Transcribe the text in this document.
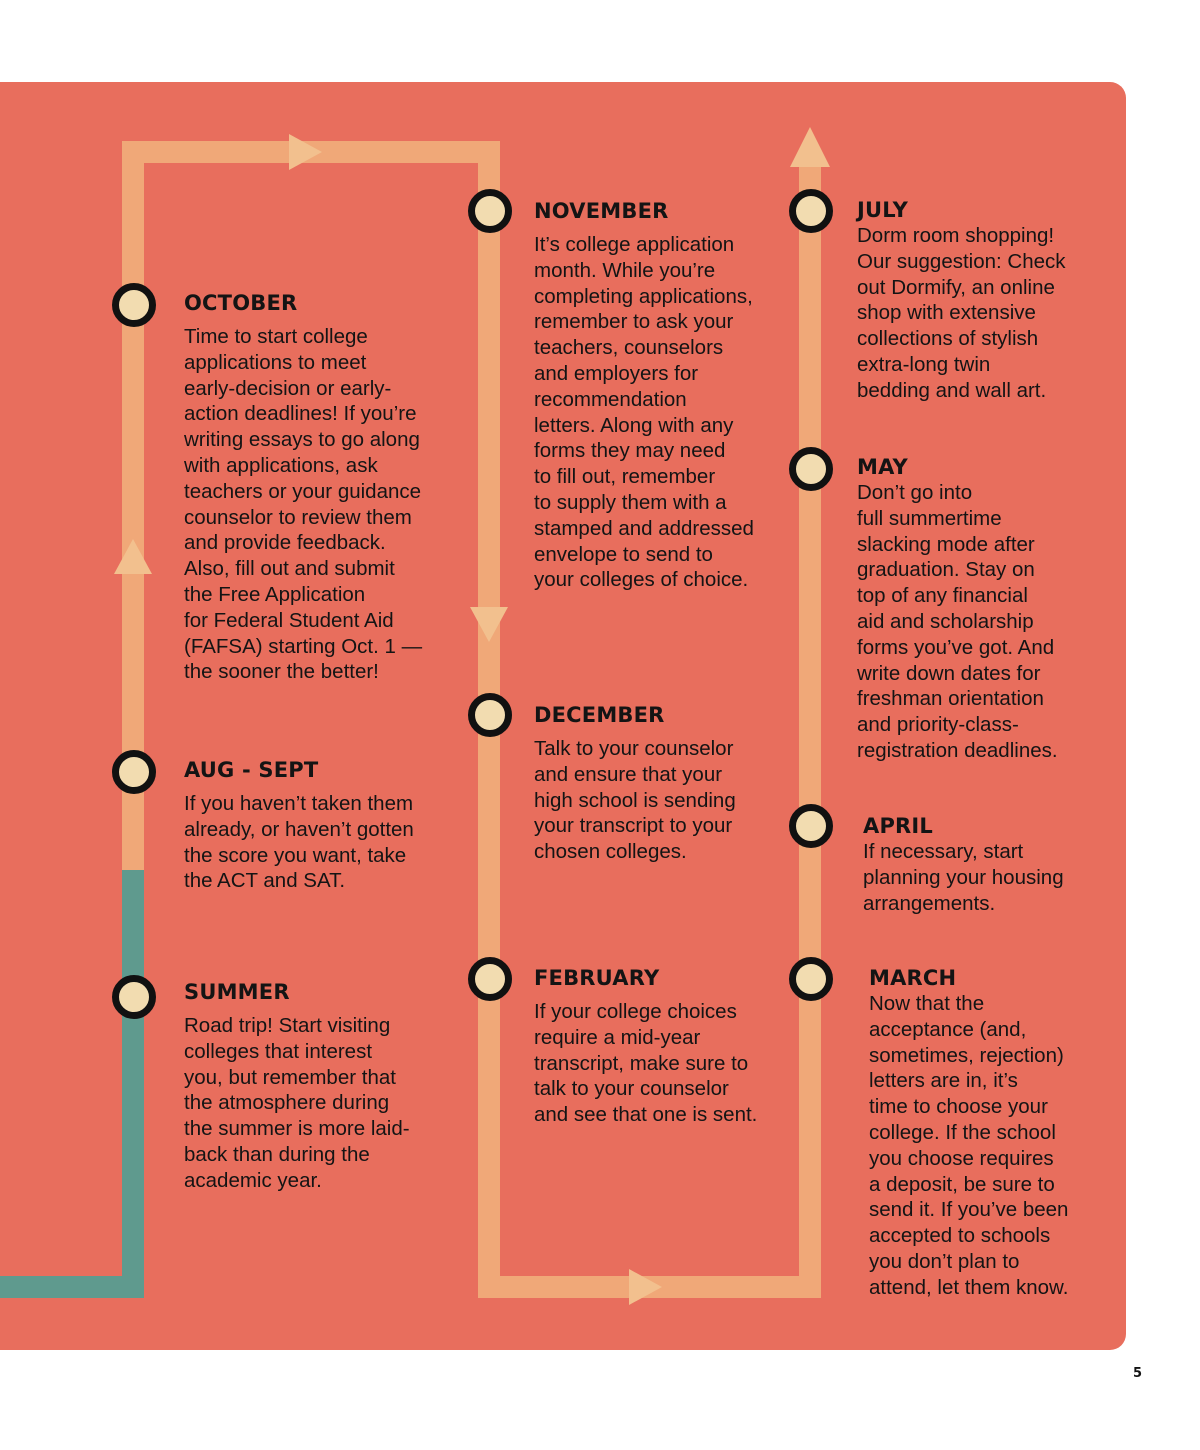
OCTOBER

Time to start college
applications to meet
early-decision or early-
action deadlines! If you’re
writing essays to go along
with applications, ask
teachers or your guidance
counselor to review them
and provide feedback.
Also, fill out and submit
the Free Application
for Federal Student Aid
(FAFSA) starting Oct. 1 —
the sooner the better!

AUG - SEPT

If you haven’t taken them
already, or haven’t gotten
the score you want, take
the ACT and SAT.

SUMMER

Road trip! Start visiting
colleges that interest
you, but remember that
the atmosphere during
the summer is more laid-
back than during the
academic year.

NOVEMBER

It’s college application
month. While you’re
completing applications,
remember to ask your
teachers, counselors
and employers for
recommendation
letters. Along with any
forms they may need
to fill out, remember
to supply them with a
stamped and addressed
envelope to send to
your colleges of choice.

DECEMBER

Talk to your counselor
and ensure that your
high school is sending
your transcript to your
chosen colleges.

FEBRUARY

If your college choices
require a mid-year
transcript, make sure to
talk to your counselor
and see that one is sent.

JULY

Dorm room shopping!
Our suggestion: Check
out Dormify, an online
shop with extensive
collections of stylish
extra-long twin
bedding and wall art.

MAY

Don’t go into
full summertime
slacking mode after
graduation. Stay on
top of any financial
aid and scholarship
forms you’ve got. And
write down dates for
freshman orientation
and priority-class-
registration deadlines.

APRIL

If necessary, start
planning your housing
arrangements.

MARCH

Now that the
acceptance (and,
sometimes, rejection)
letters are in, it’s
time to choose your
college. If the school
you choose requires
a deposit, be sure to
send it. If you’ve been
accepted to schools
you don’t plan to
attend, let them know.

5
